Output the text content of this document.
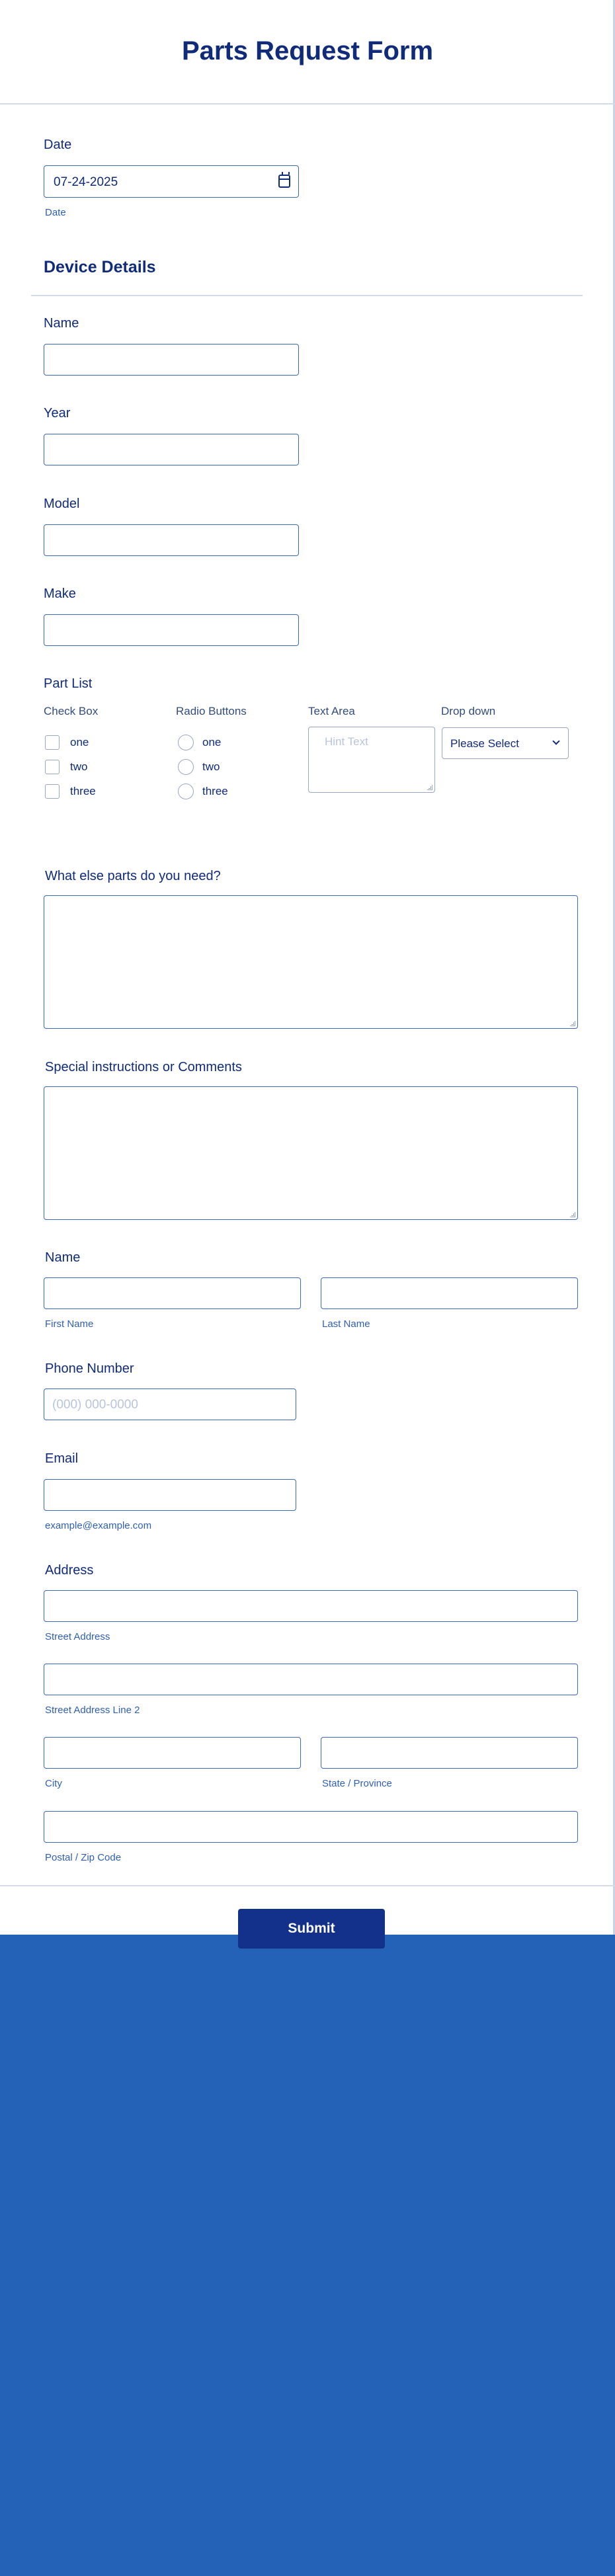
Parts Request Form
Date
07-24-2025
Date
Device Details
Name
Year
Model
Make
Part List
Check Box
one
two
three
Radio Buttons
one
two
three
Text Area
Hint Text
Drop down
Please Select
What else parts do you need?
Special instructions or Comments
Name
First Name	Last Name
Phone Number
(000) 000-0000
Email
example@example.com
Address
Street Address
Street Address Line 2
City	State / Province
Postal / Zip Code
Submit
